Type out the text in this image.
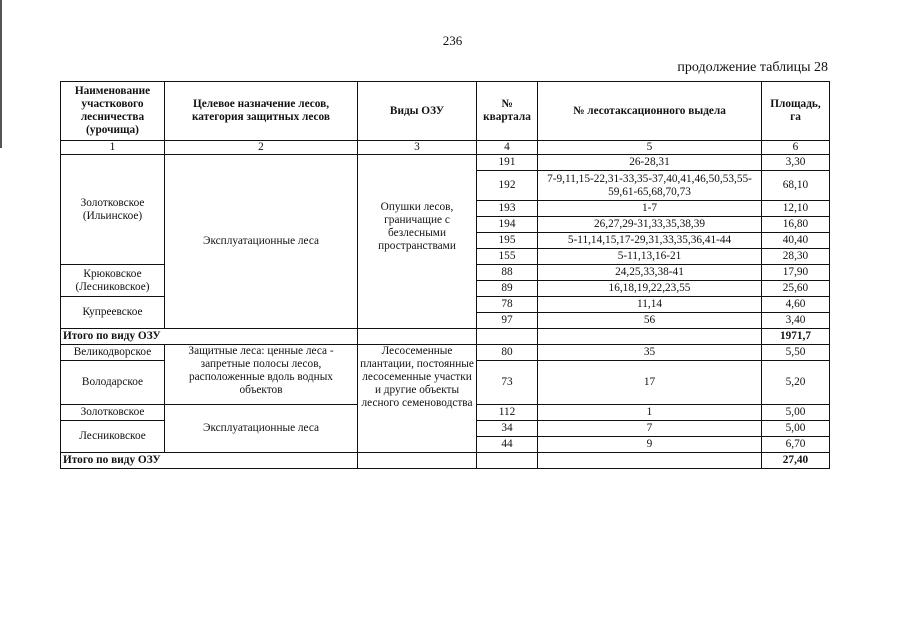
236
продолжение таблицы 28
Наименование участкового лесничества (урочища)	Целевое назначение лесов, категория защитных лесов	Виды ОЗУ	№ квартала	№ лесотаксационного выдела	Площадь, га
1	2	3	4	5	6
Золотковское (Ильинское)	Эксплуатационные леса	Опушки лесов, граничащие с безлесными пространствами	191	26-28,31	3,30
			192	7-9,11,15-22,31-33,35-37,40,41,46,50,53,55-59,61-65,68,70,73	68,10
			193	1-7	12,10
			194	26,27,29-31,33,35,38,39	16,80
			195	5-11,14,15,17-29,31,33,35,36,41-44	40,40
			155	5-11,13,16-21	28,30
Крюковское (Лесниковское)			88	24,25,33,38-41	17,90
			89	16,18,19,22,23,55	25,60
Купреевское			78	11,14	4,60
			97	56	3,40
Итого по виду ОЗУ					1971,7
Великодворское	Защитные леса: ценные леса - запретные полосы лесов, расположенные вдоль водных объектов	Лесосеменные плантации, постоянные лесосеменные участки и другие объекты лесного семеноводства	80	35	5,50
Володарское			73	17	5,20
Золотковское	Эксплуатационные леса		112	1	5,00
Лесниковское			34	7	5,00
			44	9	6,70
Итого по виду ОЗУ					27,40
